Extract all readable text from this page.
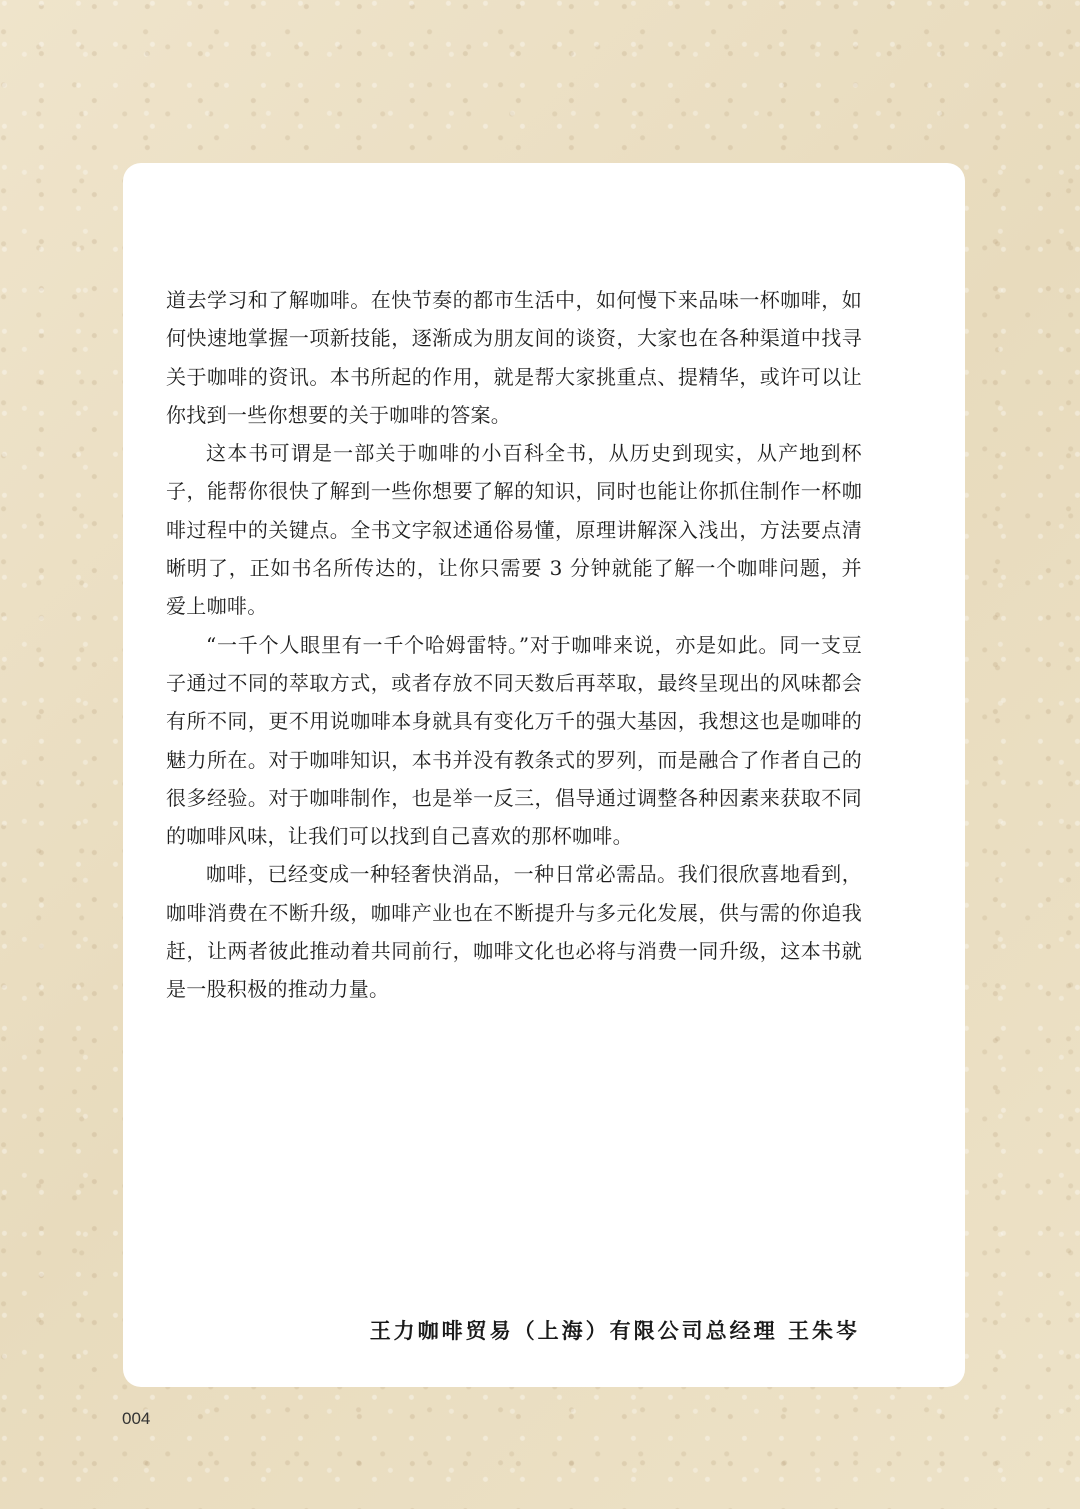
道去学习和了解咖啡。在快节奏的都市生活中，如何慢下来品味一杯咖啡，如何快速地掌握一项新技能，逐渐成为朋友间的谈资，大家也在各种渠道中找寻关于咖啡的资讯。本书所起的作用，就是帮大家挑重点、提精华，或许可以让你找到一些你想要的关于咖啡的答案。

这本书可谓是一部关于咖啡的小百科全书，从历史到现实，从产地到杯子，能帮你很快了解到一些你想要了解的知识，同时也能让你抓住制作一杯咖啡过程中的关键点。全书文字叙述通俗易懂，原理讲解深入浅出，方法要点清晰明了，正如书名所传达的，让你只需要 3 分钟就能了解一个咖啡问题，并爱上咖啡。

“一千个人眼里有一千个哈姆雷特。”对于咖啡来说，亦是如此。同一支豆子通过不同的萃取方式，或者存放不同天数后再萃取，最终呈现出的风味都会有所不同，更不用说咖啡本身就具有变化万千的强大基因，我想这也是咖啡的魅力所在。对于咖啡知识，本书并没有教条式的罗列，而是融合了作者自己的很多经验。对于咖啡制作，也是举一反三，倡导通过调整各种因素来获取不同的咖啡风味，让我们可以找到自己喜欢的那杯咖啡。

咖啡，已经变成一种轻奢快消品，一种日常必需品。我们很欣喜地看到，咖啡消费在不断升级，咖啡产业也在不断提升与多元化发展，供与需的你追我赶，让两者彼此推动着共同前行，咖啡文化也必将与消费一同升级，这本书就是一股积极的推动力量。

王力咖啡贸易（上海）有限公司总经理 王朱岑
004
